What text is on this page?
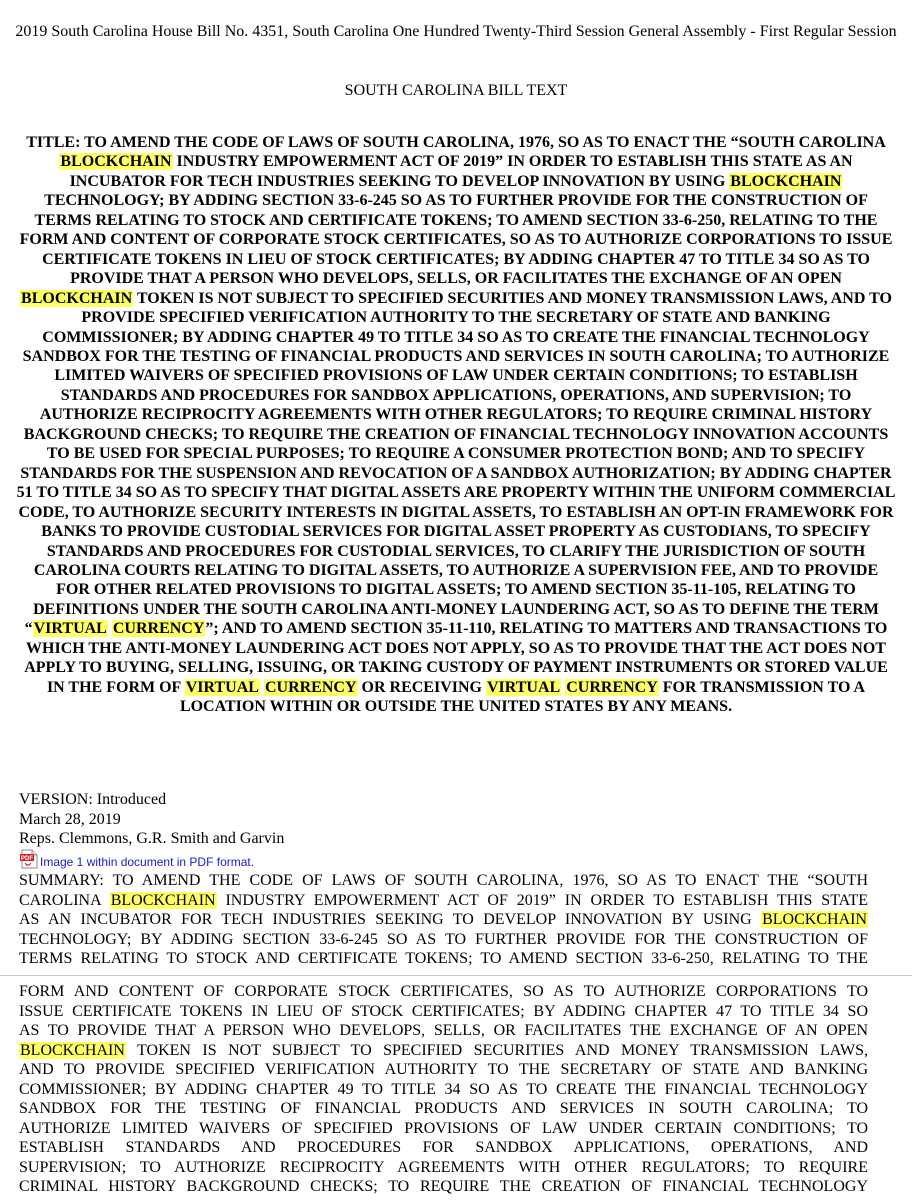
2019 South Carolina House Bill No. 4351, South Carolina One Hundred Twenty-Third Session General Assembly - First Regular Session
SOUTH CAROLINA BILL TEXT
TITLE: TO AMEND THE CODE OF LAWS OF SOUTH CAROLINA, 1976, SO AS TO ENACT THE “SOUTH CAROLINA BLOCKCHAIN INDUSTRY EMPOWERMENT ACT OF 2019” IN ORDER TO ESTABLISH THIS STATE AS AN INCUBATOR FOR TECH INDUSTRIES SEEKING TO DEVELOP INNOVATION BY USING BLOCKCHAIN TECHNOLOGY; BY ADDING SECTION 33-6-245 SO AS TO FURTHER PROVIDE FOR THE CONSTRUCTION OF TERMS RELATING TO STOCK AND CERTIFICATE TOKENS; TO AMEND SECTION 33-6-250, RELATING TO THE FORM AND CONTENT OF CORPORATE STOCK CERTIFICATES, SO AS TO AUTHORIZE CORPORATIONS TO ISSUE CERTIFICATE TOKENS IN LIEU OF STOCK CERTIFICATES; BY ADDING CHAPTER 47 TO TITLE 34 SO AS TO PROVIDE THAT A PERSON WHO DEVELOPS, SELLS, OR FACILITATES THE EXCHANGE OF AN OPEN BLOCKCHAIN TOKEN IS NOT SUBJECT TO SPECIFIED SECURITIES AND MONEY TRANSMISSION LAWS, AND TO PROVIDE SPECIFIED VERIFICATION AUTHORITY TO THE SECRETARY OF STATE AND BANKING COMMISSIONER; BY ADDING CHAPTER 49 TO TITLE 34 SO AS TO CREATE THE FINANCIAL TECHNOLOGY SANDBOX FOR THE TESTING OF FINANCIAL PRODUCTS AND SERVICES IN SOUTH CAROLINA; TO AUTHORIZE LIMITED WAIVERS OF SPECIFIED PROVISIONS OF LAW UNDER CERTAIN CONDITIONS; TO ESTABLISH STANDARDS AND PROCEDURES FOR SANDBOX APPLICATIONS, OPERATIONS, AND SUPERVISION; TO AUTHORIZE RECIPROCITY AGREEMENTS WITH OTHER REGULATORS; TO REQUIRE CRIMINAL HISTORY BACKGROUND CHECKS; TO REQUIRE THE CREATION OF FINANCIAL TECHNOLOGY INNOVATION ACCOUNTS TO BE USED FOR SPECIAL PURPOSES; TO REQUIRE A CONSUMER PROTECTION BOND; AND TO SPECIFY STANDARDS FOR THE SUSPENSION AND REVOCATION OF A SANDBOX AUTHORIZATION; BY ADDING CHAPTER 51 TO TITLE 34 SO AS TO SPECIFY THAT DIGITAL ASSETS ARE PROPERTY WITHIN THE UNIFORM COMMERCIAL CODE, TO AUTHORIZE SECURITY INTERESTS IN DIGITAL ASSETS, TO ESTABLISH AN OPT-IN FRAMEWORK FOR BANKS TO PROVIDE CUSTODIAL SERVICES FOR DIGITAL ASSET PROPERTY AS CUSTODIANS, TO SPECIFY STANDARDS AND PROCEDURES FOR CUSTODIAL SERVICES, TO CLARIFY THE JURISDICTION OF SOUTH CAROLINA COURTS RELATING TO DIGITAL ASSETS, TO AUTHORIZE A SUPERVISION FEE, AND TO PROVIDE FOR OTHER RELATED PROVISIONS TO DIGITAL ASSETS; TO AMEND SECTION 35-11-105, RELATING TO DEFINITIONS UNDER THE SOUTH CAROLINA ANTI-MONEY LAUNDERING ACT, SO AS TO DEFINE THE TERM “VIRTUAL CURRENCY”; AND TO AMEND SECTION 35-11-110, RELATING TO MATTERS AND TRANSACTIONS TO WHICH THE ANTI-MONEY LAUNDERING ACT DOES NOT APPLY, SO AS TO PROVIDE THAT THE ACT DOES NOT APPLY TO BUYING, SELLING, ISSUING, OR TAKING CUSTODY OF PAYMENT INSTRUMENTS OR STORED VALUE IN THE FORM OF VIRTUAL CURRENCY OR RECEIVING VIRTUAL CURRENCY FOR TRANSMISSION TO A LOCATION WITHIN OR OUTSIDE THE UNITED STATES BY ANY MEANS.
VERSION: Introduced
March 28, 2019
Reps. Clemmons, G.R. Smith and Garvin
PDF Image 1 within document in PDF format.
SUMMARY: TO AMEND THE CODE OF LAWS OF SOUTH CAROLINA, 1976, SO AS TO ENACT THE “SOUTH
CAROLINA BLOCKCHAIN INDUSTRY EMPOWERMENT ACT OF 2019” IN ORDER TO ESTABLISH THIS STATE
AS AN INCUBATOR FOR TECH INDUSTRIES SEEKING TO DEVELOP INNOVATION BY USING BLOCKCHAIN
TECHNOLOGY; BY ADDING SECTION 33-6-245 SO AS TO FURTHER PROVIDE FOR THE CONSTRUCTION OF
TERMS RELATING TO STOCK AND CERTIFICATE TOKENS; TO AMEND SECTION 33-6-250, RELATING TO THE
FORM AND CONTENT OF CORPORATE STOCK CERTIFICATES, SO AS TO AUTHORIZE CORPORATIONS TO
ISSUE CERTIFICATE TOKENS IN LIEU OF STOCK CERTIFICATES; BY ADDING CHAPTER 47 TO TITLE 34 SO
AS TO PROVIDE THAT A PERSON WHO DEVELOPS, SELLS, OR FACILITATES THE EXCHANGE OF AN OPEN
BLOCKCHAIN TOKEN IS NOT SUBJECT TO SPECIFIED SECURITIES AND MONEY TRANSMISSION LAWS,
AND TO PROVIDE SPECIFIED VERIFICATION AUTHORITY TO THE SECRETARY OF STATE AND BANKING
COMMISSIONER; BY ADDING CHAPTER 49 TO TITLE 34 SO AS TO CREATE THE FINANCIAL TECHNOLOGY
SANDBOX FOR THE TESTING OF FINANCIAL PRODUCTS AND SERVICES IN SOUTH CAROLINA; TO
AUTHORIZE LIMITED WAIVERS OF SPECIFIED PROVISIONS OF LAW UNDER CERTAIN CONDITIONS; TO
ESTABLISH STANDARDS AND PROCEDURES FOR SANDBOX APPLICATIONS, OPERATIONS, AND
SUPERVISION; TO AUTHORIZE RECIPROCITY AGREEMENTS WITH OTHER REGULATORS; TO REQUIRE
CRIMINAL HISTORY BACKGROUND CHECKS; TO REQUIRE THE CREATION OF FINANCIAL TECHNOLOGY
